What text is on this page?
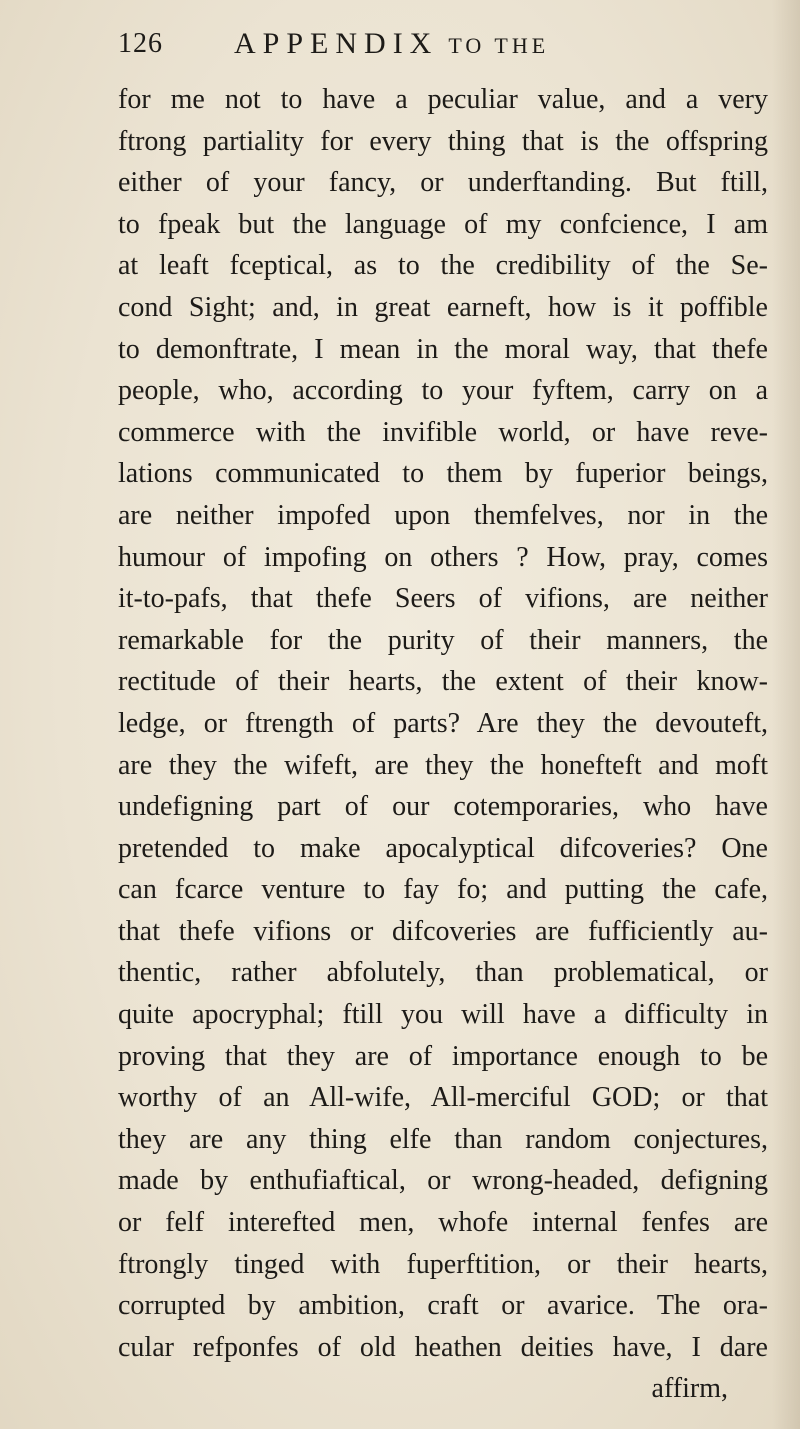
126 APPENDIX TO THE
for me not to have a peculiar value, and a very
ftrong partiality for every thing that is the offspring
either of your fancy, or underftanding. But ftill,
to fpeak but the language of my confcience, I am
at leaft fceptical, as to the credibility of the Se-
cond Sight; and, in great earneft, how is it poffible
to demonftrate, I mean in the moral way, that thefe
people, who, according to your fyftem, carry on a
commerce with the invifible world, or have reve-
lations communicated to them by fuperior beings,
are neither impofed upon themfelves, nor in the
humour of impofing on others ? How, pray, comes
it-to-pafs, that thefe Seers of vifions, are neither
remarkable for the purity of their manners, the
rectitude of their hearts, the extent of their know-
ledge, or ftrength of parts? Are they the devouteft,
are they the wifeft, are they the honefteft and moft
undefigning part of our cotemporaries, who have
pretended to make apocalyptical difcoveries? One
can fcarce venture to fay fo; and putting the cafe,
that thefe vifions or difcoveries are fufficiently au-
thentic, rather abfolutely, than problematical, or
quite apocryphal; ftill you will have a difficulty in
proving that they are of importance enough to be
worthy of an All-wife, All-merciful GOD; or that
they are any thing elfe than random conjectures,
made by enthufiaftical, or wrong-headed, defigning
or felf interefted men, whofe internal fenfes are
ftrongly tinged with fuperftition, or their hearts,
corrupted by ambition, craft or avarice. The ora-
cular refponfes of old heathen deities have, I dare
affirm,
